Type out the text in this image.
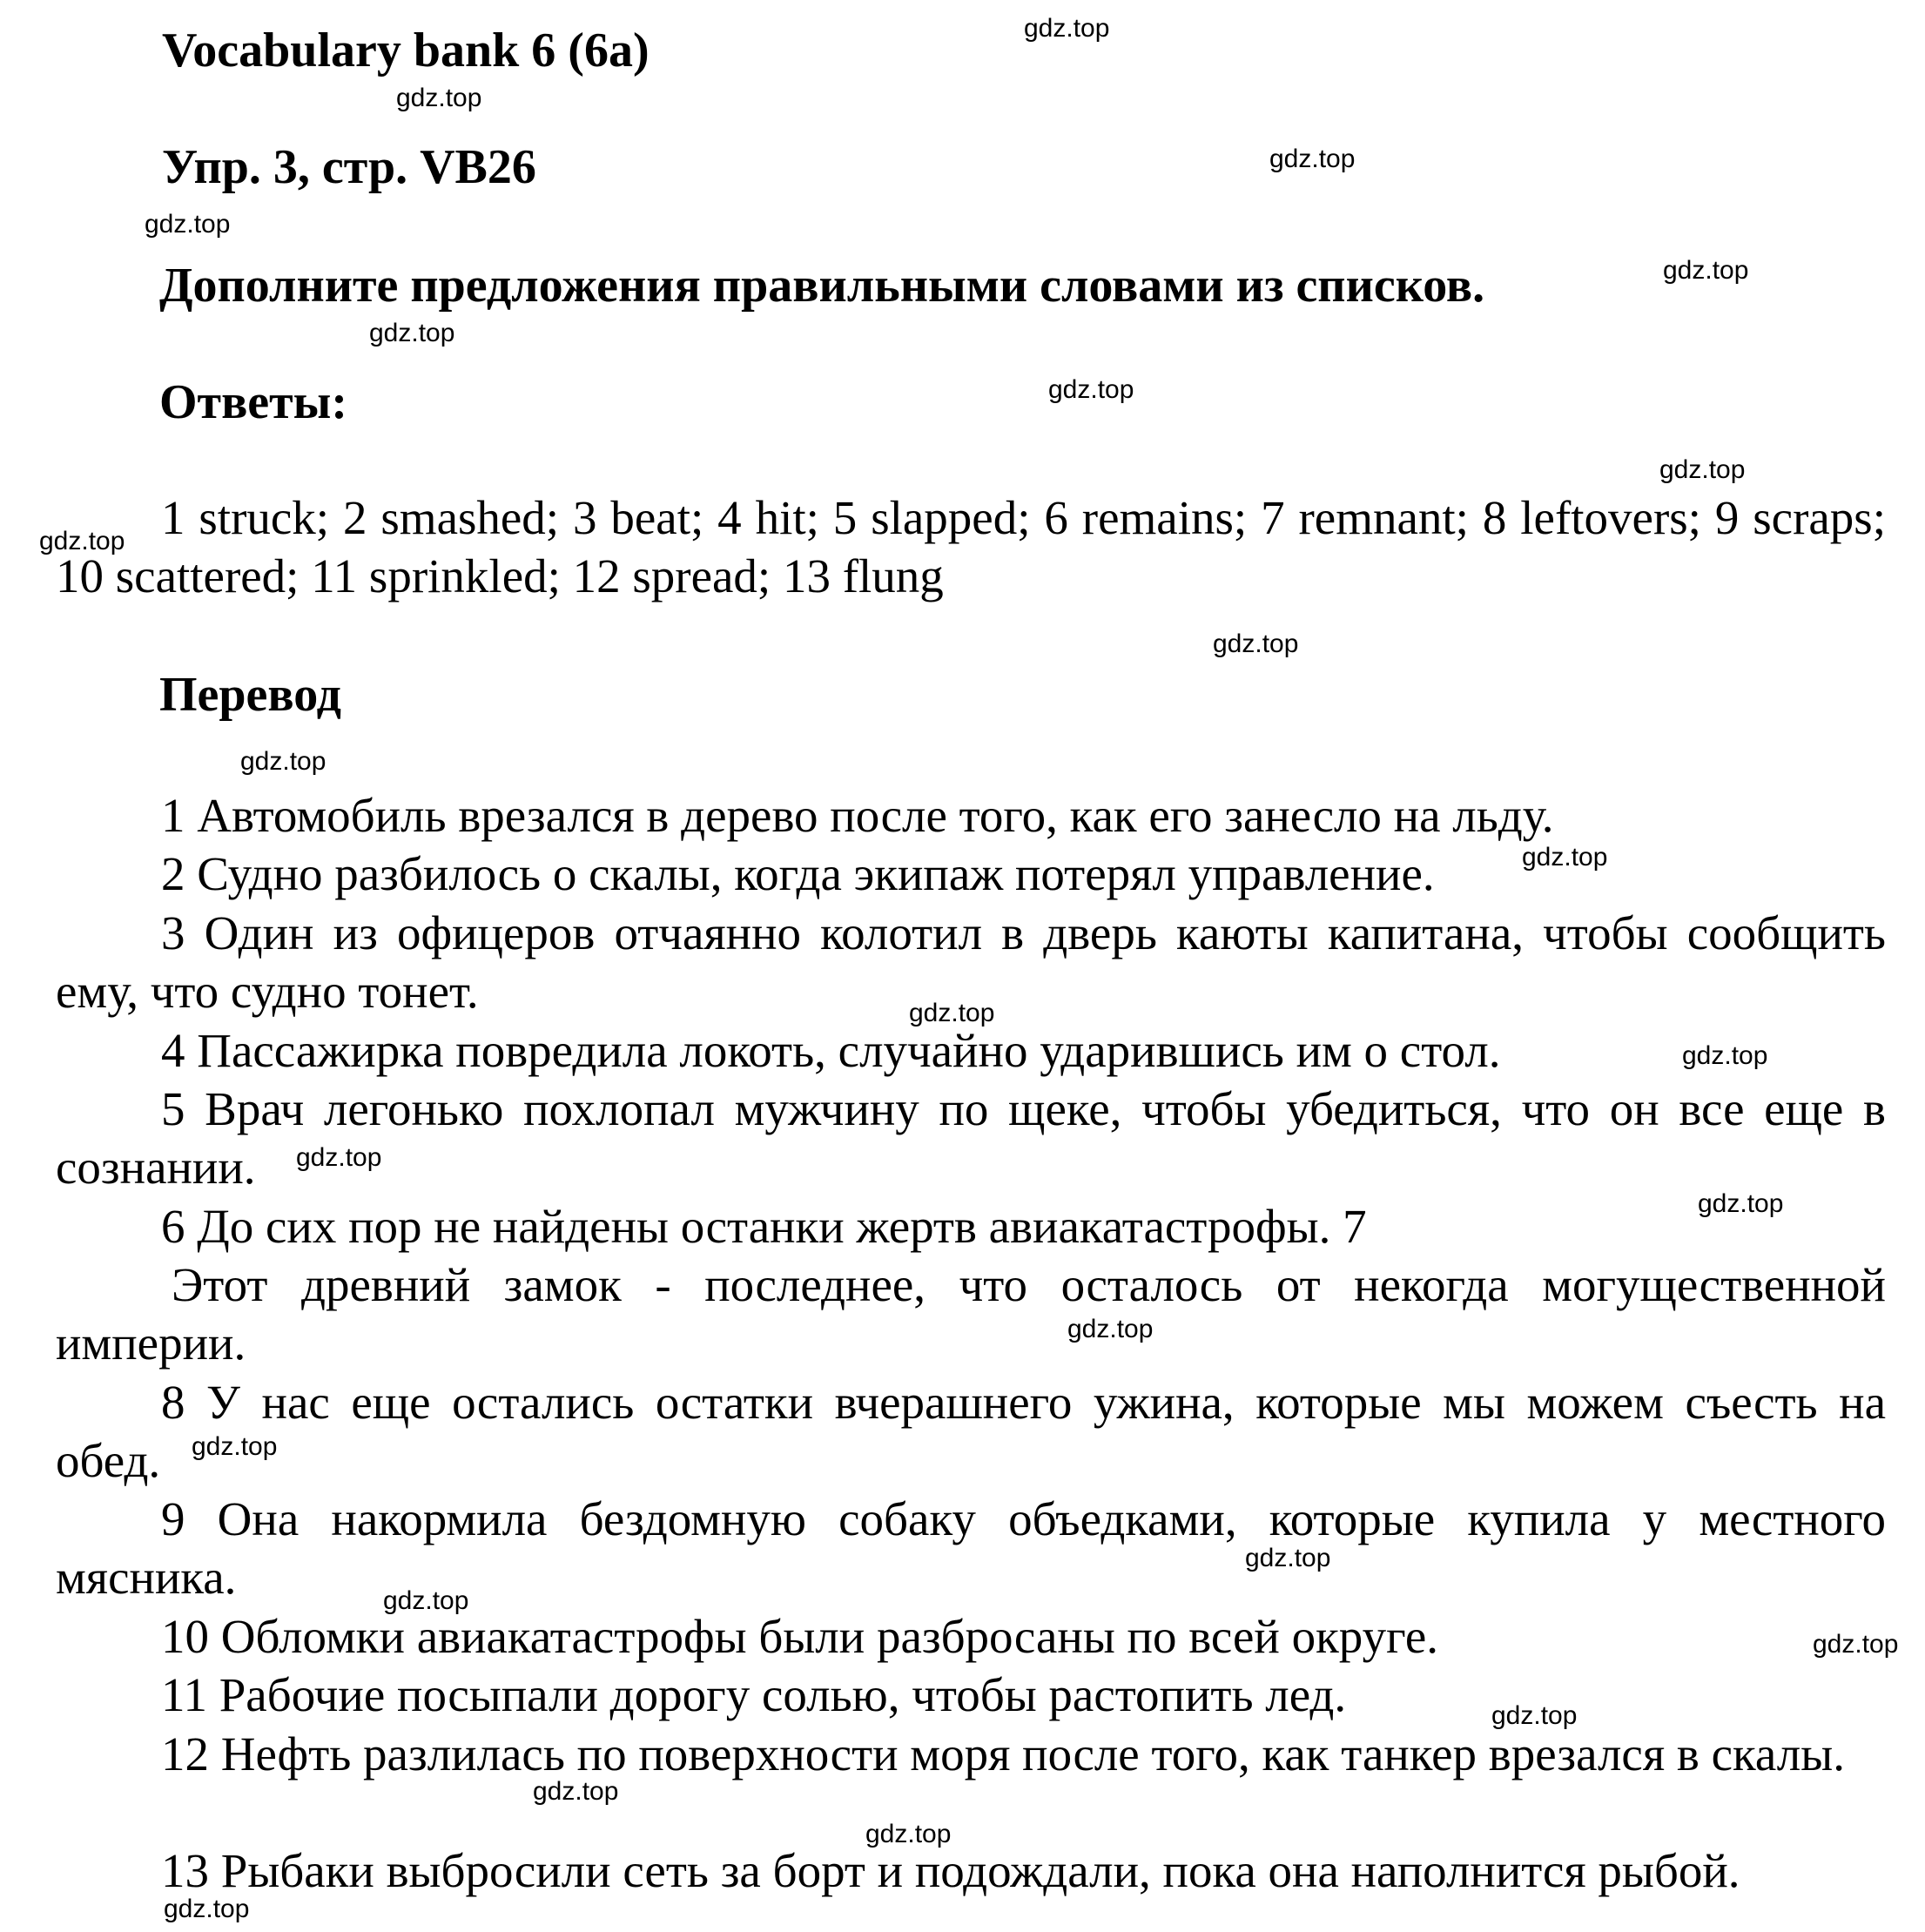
Vocabulary bank 6 (6a)
Упр. 3, стр. VB26
Дополните предложения правильными словами из списков.
Ответы:

1 struck; 2 smashed; 3 beat; 4 hit; 5 slapped; 6 remains; 7 remnant; 8 leftovers; 9 scraps; 10 scattered; 11 sprinkled; 12 spread; 13 flung

Перевод

1 Автомобиль врезался в дерево после того, как его занесло на льду.

2 Судно разбилось о скалы, когда экипаж потерял управление.

3 Один из офицеров отчаянно колотил в дверь каюты капитана, чтобы сообщить ему, что судно тонет.

4 Пассажирка повредила локоть, случайно ударившись им о стол.

5 Врач легонько похлопал мужчину по щеке, чтобы убедиться, что он все еще в сознании.

6 До сих пор не найдены останки жертв авиакатастрофы. 7

Этот древний замок - последнее, что осталось от некогда могущественной империи.

8 У нас еще остались остатки вчерашнего ужина, которые мы можем съесть на обед.

9 Она накормила бездомную собаку объедками, которые купила у местного мясника.

10 Обломки авиакатастрофы были разбросаны по всей округе.

11 Рабочие посыпали дорогу солью, чтобы растопить лед.

12 Нефть разлилась по поверхности моря после того, как танкер врезался в скалы.

13 Рыбаки выбросили сеть за борт и подождали, пока она наполнится рыбой.

gdz.top
gdz.top
gdz.top
gdz.top
gdz.top
gdz.top
gdz.top
gdz.top
gdz.top
gdz.top
gdz.top
gdz.top
gdz.top
gdz.top
gdz.top
gdz.top
gdz.top
gdz.top
gdz.top
gdz.top
gdz.top
gdz.top
gdz.top
gdz.top
gdz.top
